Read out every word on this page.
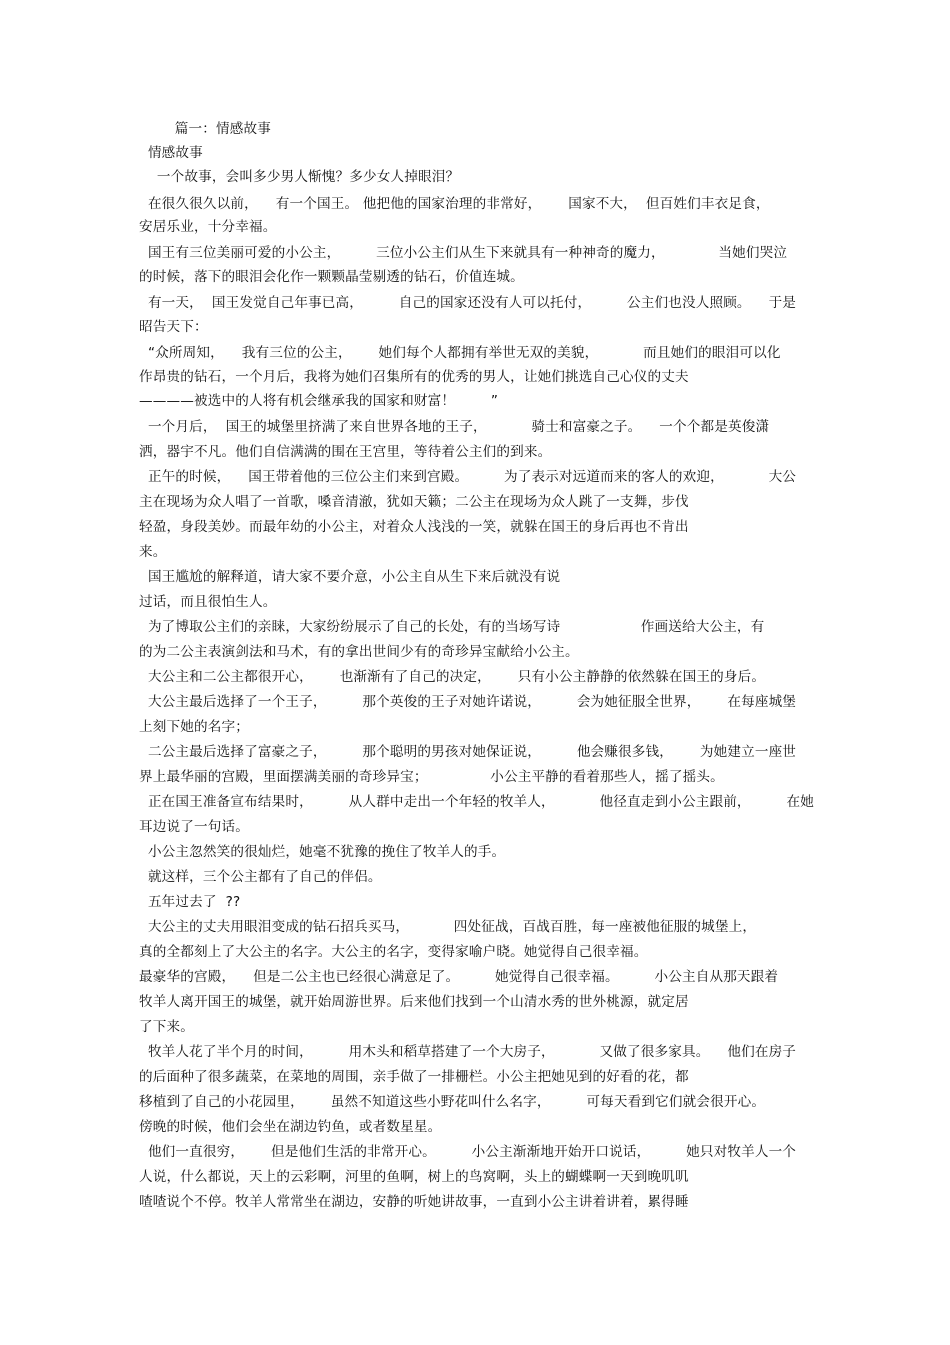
篇一：情感故事
情感故事
一个故事，会叫多少男人惭愧？多少女人掉眼泪？
在很久很久以前，    有一个国王。 他把他的国家治理的非常好，      国家不大，  但百姓们丰衣足食，
安居乐业，十分幸福。
国王有三位美丽可爱的小公主，        三位小公主们从生下来就具有一种神奇的魔力，            当她们哭泣
的时候，落下的眼泪会化作一颗颗晶莹剔透的钻石，价值连城。
有一天，  国王发觉自己年事已高，        自己的国家还没有人可以托付，        公主们也没人照顾。    于是
昭告天下：
“众所周知，    我有三位的公主，      她们每个人都拥有举世无双的美貌，          而且她们的眼泪可以化
作昂贵的钻石，一个月后，我将为她们召集所有的优秀的男人，让她们挑选自己心仪的丈夫
————被选中的人将有机会继承我的国家和财富！        ”
一个月后，  国王的城堡里挤满了来自世界各地的王子，          骑士和富豪之子。    一个个都是英俊潇
洒，器宇不凡。他们自信满满的围在王宫里，等待着公主们的到来。
正午的时候，    国王带着他的三位公主们来到宫殿。        为了表示对远道而来的客人的欢迎，          大公
主在现场为众人唱了一首歌，嗓音清澈，犹如天籁；二公主在现场为众人跳了一支舞，步伐
轻盈，身段美妙。而最年幼的小公主，对着众人浅浅的一笑，就躲在国王的身后再也不肯出
来。
国王尴尬的解释道，请大家不要介意，小公主自从生下来后就没有说
过话，而且很怕生人。
为了博取公主们的亲睐，大家纷纷展示了自己的长处，有的当场写诗                  作画送给大公主，有
的为二公主表演剑法和马术，有的拿出世间少有的奇珍异宝献给小公主。
大公主和二公主都很开心，      也渐渐有了自己的决定，      只有小公主静静的依然躲在国王的身后。
大公主最后选择了一个王子，        那个英俊的王子对她许诺说，        会为她征服全世界，      在每座城堡
上刻下她的名字；
二公主最后选择了富豪之子，        那个聪明的男孩对她保证说，        他会赚很多钱，      为她建立一座世
界上最华丽的宫殿，里面摆满美丽的奇珍异宝；              小公主平静的看着那些人，摇了摇头。
正在国王准备宣布结果时，        从人群中走出一个年轻的牧羊人，          他径直走到小公主跟前，        在她
耳边说了一句话。
小公主忽然笑的很灿烂，她毫不犹豫的挽住了牧羊人的手。
就这样，三个公主都有了自己的伴侣。
五年过去了  ??
大公主的丈夫用眼泪变成的钻石招兵买马，          四处征战，百战百胜，每一座被他征服的城堡上，
真的全都刻上了大公主的名字。大公主的名字，变得家喻户晓。她觉得自己很幸福。
最豪华的宫殿，    但是二公主也已经很心满意足了。        她觉得自己很幸福。        小公主自从那天跟着
牧羊人离开国王的城堡，就开始周游世界。后来他们找到一个山清水秀的世外桃源，就定居
了下来。
牧羊人花了半个月的时间，        用木头和稻草搭建了一个大房子，          又做了很多家具。    他们在房子
的后面种了很多蔬菜，在菜地的周围，亲手做了一排栅栏。小公主把她见到的好看的花，都
移植到了自己的小花园里，      虽然不知道这些小野花叫什么名字，        可每天看到它们就会很开心。
傍晚的时候，他们会坐在湖边钓鱼，或者数星星。
他们一直很穷，      但是他们生活的非常开心。        小公主渐渐地开始开口说话，        她只对牧羊人一个
人说，什么都说，天上的云彩啊，河里的鱼啊，树上的鸟窝啊，头上的蝴蝶啊一天到晚叽叽
喳喳说个不停。牧羊人常常坐在湖边，安静的听她讲故事，一直到小公主讲着讲着，累得睡
